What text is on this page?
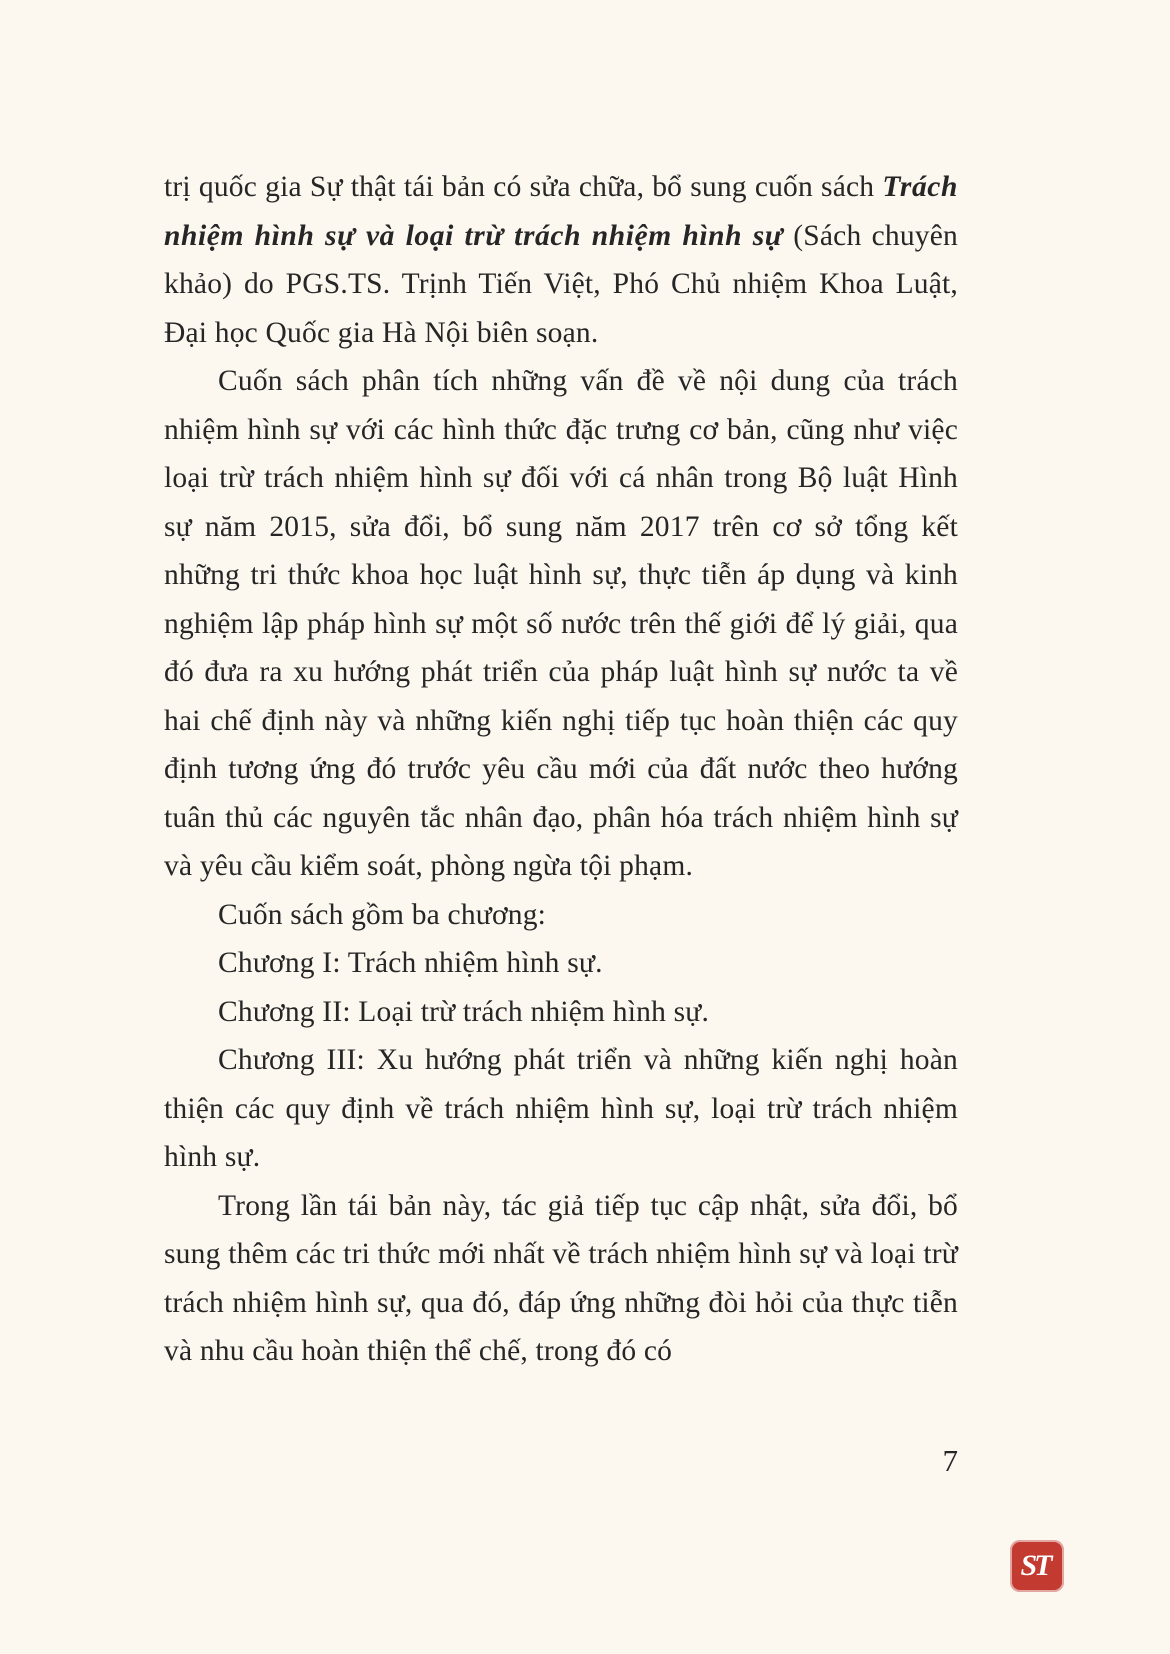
trị quốc gia Sự thật tái bản có sửa chữa, bổ sung cuốn sách Trách nhiệm hình sự và loại trừ trách nhiệm hình sự (Sách chuyên khảo) do PGS.TS. Trịnh Tiến Việt, Phó Chủ nhiệm Khoa Luật, Đại học Quốc gia Hà Nội biên soạn.

Cuốn sách phân tích những vấn đề về nội dung của trách nhiệm hình sự với các hình thức đặc trưng cơ bản, cũng như việc loại trừ trách nhiệm hình sự đối với cá nhân trong Bộ luật Hình sự năm 2015, sửa đổi, bổ sung năm 2017 trên cơ sở tổng kết những tri thức khoa học luật hình sự, thực tiễn áp dụng và kinh nghiệm lập pháp hình sự một số nước trên thế giới để lý giải, qua đó đưa ra xu hướng phát triển của pháp luật hình sự nước ta về hai chế định này và những kiến nghị tiếp tục hoàn thiện các quy định tương ứng đó trước yêu cầu mới của đất nước theo hướng tuân thủ các nguyên tắc nhân đạo, phân hóa trách nhiệm hình sự và yêu cầu kiểm soát, phòng ngừa tội phạm.

Cuốn sách gồm ba chương:

Chương I: Trách nhiệm hình sự.

Chương II: Loại trừ trách nhiệm hình sự.

Chương III: Xu hướng phát triển và những kiến nghị hoàn thiện các quy định về trách nhiệm hình sự, loại trừ trách nhiệm hình sự.

Trong lần tái bản này, tác giả tiếp tục cập nhật, sửa đổi, bổ sung thêm các tri thức mới nhất về trách nhiệm hình sự và loại trừ trách nhiệm hình sự, qua đó, đáp ứng những đòi hỏi của thực tiễn và nhu cầu hoàn thiện thể chế, trong đó có

7
ST
